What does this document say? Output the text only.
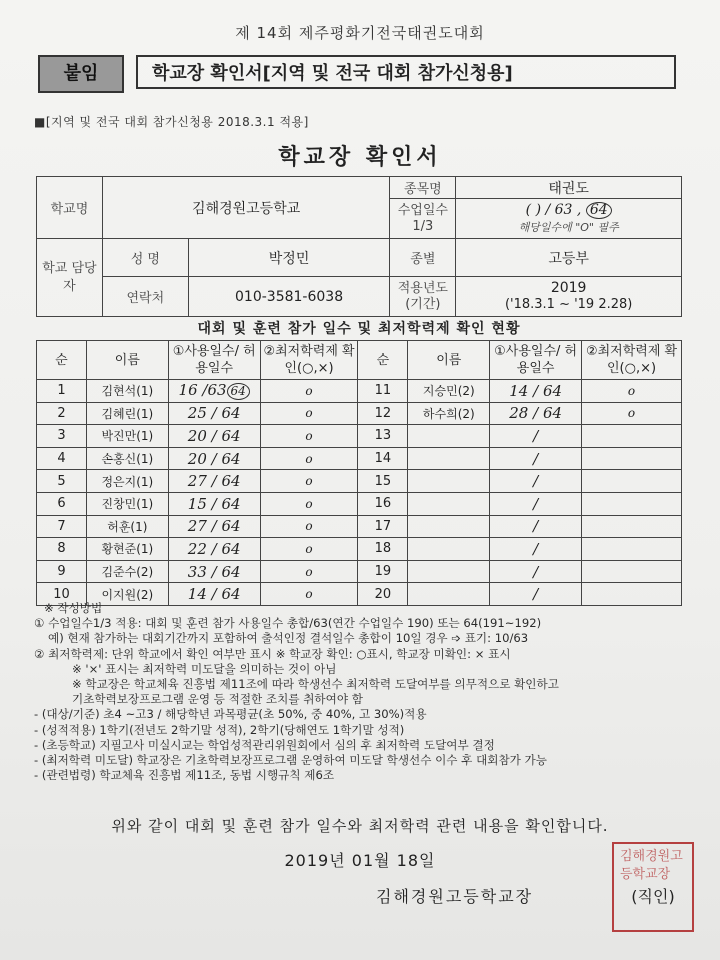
제 14회 제주평화기전국태권도대회
붙임	학교장 확인서[지역 및 전국 대회 참가신청용]
■[지역 및 전국 대회 참가신청용 2018.3.1 적용]
학교장 확인서
학교명	김해경원고등학교		종목명	태권도
			수업일수 1/3	( ) / 63 , 64
해당일수에 "O" 필주
학교 담당자	성 명	박정민	종별	고등부
	연락처	010-3581-6038	적용년도 (기간)	2019
('18.3.1 ~ '19 2.28)
대회 및 훈련 참가 일수 및 최저학력제 확인 현황
순	이름	①사용일수/ 허용일수	②최저학력제 확인(○,×)	순	이름	①사용일수/ 허용일수	②최저학력제 확인(○,×)
1	김현석(1)	16 /63 64	o	11	지승민(2)	14 / 64	o
2	김혜린(1)	25 / 64	o	12	하수희(2)	28 / 64	o
3	박진만(1)	20 / 64	o	13		/	
4	손홍신(1)	20 / 64	o	14		/	
5	정은지(1)	27 / 64	o	15		/	
6	진창민(1)	15 / 64	o	16		/	
7	허훈(1)	27 / 64	o	17		/	
8	황현준(1)	22 / 64	o	18		/	
9	김준수(2)	33 / 64	o	19		/	
10	이지원(2)	14 / 64	o	20		/	

※ 작성방법

① 수업일수1/3 적용: 대회 및 훈련 참가 사용일수 총합/63(연간 수업일수 190) 또는 64(191~192)

예) 현재 참가하는 대회기간까지 포함하여 출석인정 결석일수 총합이 10일 경우 ➩ 표기: 10/63

② 최저학력제: 단위 학교에서 확인 여부만 표시 ※ 학교장 확인: ○표시, 학교장 미확인: × 표시

※ '×' 표시는 최저학력 미도달을 의미하는 것이 아님

※ 학교장은 학교체육 진흥법 제11조에 따라 학생선수 최저학력 도달여부를 의무적으로 확인하고

기초학력보장프로그램 운영 등 적절한 조치를 취하여야 함

- (대상/기준) 초4 ~고3 / 해당학년 과목평균(초 50%, 중 40%, 고 30%)적용

- (성적적용) 1학기(전년도 2학기말 성적), 2학기(당해연도 1학기말 성적)

- (초등학교) 지필고사 미실시교는 학업성적관리위원회에서 심의 후 최저학력 도달여부 결정

- (최저학력 미도달) 학교장은 기초학력보장프로그램 운영하여 미도달 학생선수 이수 후 대회참가 가능

- (관련법령) 학교체육 진흥법 제11조, 동법 시행규칙 제6조

위와 같이 대회 및 훈련 참가 일수와 최저학력 관련 내용을 확인합니다.
2019년 01월 18일
김해경원고등학교장
김해경원고등학교장
(직인)
